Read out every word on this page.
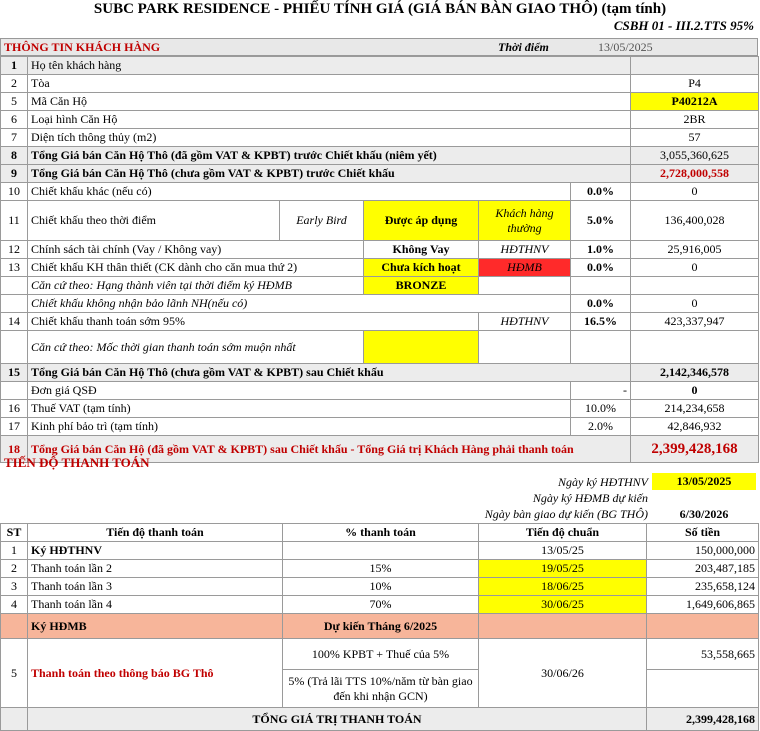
SUBC PARK RESIDENCE - PHIẾU TÍNH GIÁ (GIÁ BÁN BÀN GIAO THÔ) (tạm tính)
CSBH 01 - III.2.TTS 95%
THÔNG TIN KHÁCH HÀNG	Thời điểm	13/05/2025
1	Họ tên khách hàng					
2	Tòa					P4
5	Mã Căn Hộ					P40212A
6	Loại hình Căn Hộ					2BR
7	Diện tích thông thủy (m2)					57
8	Tổng Giá bán Căn Hộ Thô (đã gồm VAT & KPBT) trước Chiết khấu (niêm yết)					3,055,360,625
9	Tổng Giá bán Căn Hộ Thô (chưa gồm VAT & KPBT) trước Chiết khấu					2,728,000,558
10	Chiết khấu khác (nếu có)				0.0%	0
11	Chiết khấu theo thời điểm	Early Bird	Được áp dụng	Khách hàng thường	5.0%	136,400,028
12	Chính sách tài chính (Vay / Không vay)		Không Vay	HĐTHNV	1.0%	25,916,005
13	Chiết khấu KH thân thiết (CK dành cho căn mua thứ 2)		Chưa kích hoạt	HĐMB	0.0%	0
	Căn cứ theo: Hạng thành viên tại thời điểm ký HĐMB		BRONZE			
	Chiết khấu không nhận bảo lãnh NH(nếu có)				0.0%	0
14	Chiết khấu thanh toán sớm 95%			HĐTHNV	16.5%	423,337,947
	Căn cứ theo: Mốc thời gian thanh toán sớm muộn nhất					
15	Tổng Giá bán Căn Hộ Thô (chưa gồm VAT & KPBT) sau Chiết khấu					2,142,346,578
	Đơn giá QSĐ				-	0
16	Thuế VAT (tạm tính)				10.0%	214,234,658
17	Kinh phí bảo trì (tạm tính)				2.0%	42,846,932
18	Tổng Giá bán Căn Hộ (đã gồm VAT & KPBT) sau Chiết khấu - Tổng Giá trị Khách Hàng phải thanh toán					2,399,428,168
TIẾN ĐỘ THANH TOÁN
Ngày ký HĐTHNV	13/05/2025
Ngày ký HĐMB dự kiến
Ngày bàn giao dự kiến (BG THÔ)	6/30/2026
ST	Tiến độ thanh toán	% thanh toán	Tiến độ chuẩn	Số tiền
1	Ký HĐTHNV		13/05/25	150,000,000
2	Thanh toán lần 2	15%	19/05/25	203,487,185
3	Thanh toán lần 3	10%	18/06/25	235,658,124
4	Thanh toán lần 4	70%	30/06/25	1,649,606,865
	Ký HĐMB	Dự kiến Tháng 6/2025		
5	Thanh toán theo thông báo BG Thô	100% KPBT + Thuế của 5%	30/06/26	53,558,665
		5% (Trả lãi TTS 10%/năm từ bàn giao đến khi nhận GCN)		
	TỔNG GIÁ TRỊ THANH TOÁN			2,399,428,168
